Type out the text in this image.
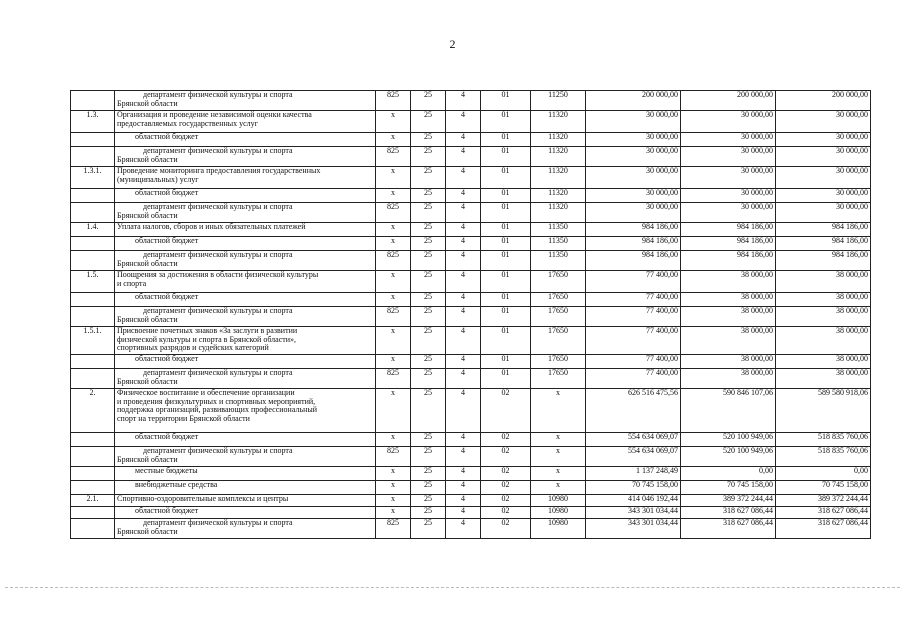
2

	департамент физической культуры и спорта
Брянской области	825	25	4	01	11250	200 000,00	200 000,00	200 000,00
1.3.	Организация и проведение независимой оценки качества
предоставляемых государственных услуг	x	25	4	01	11320	30 000,00	30 000,00	30 000,00

	областной бюджет	x	25	4	01	11320	30 000,00	30 000,00	30 000,00

	департамент физической культуры и спорта
Брянской области	825	25	4	01	11320	30 000,00	30 000,00	30 000,00
1.3.1.	Проведение мониторинга предоставления государственных
(муниципальных) услуг	x	25	4	01	11320	30 000,00	30 000,00	30 000,00

	областной бюджет	x	25	4	01	11320	30 000,00	30 000,00	30 000,00

	департамент физической культуры и спорта
Брянской области	825	25	4	01	11320	30 000,00	30 000,00	30 000,00
1.4.	Уплата налогов, сборов и иных обязательных платежей	x	25	4	01	11350	984 186,00	984 186,00	984 186,00

	областной бюджет	x	25	4	01	11350	984 186,00	984 186,00	984 186,00

	департамент физической культуры и спорта
Брянской области	825	25	4	01	11350	984 186,00	984 186,00	984 186,00
1.5.	Поощрения за достижения в области физической культуры
и спорта	x	25	4	01	17650	77 400,00	38 000,00	38 000,00

	областной бюджет	x	25	4	01	17650	77 400,00	38 000,00	38 000,00

	департамент физической культуры и спорта
Брянской области	825	25	4	01	17650	77 400,00	38 000,00	38 000,00
1.5.1.	Присвоение почетных знаков «За заслуги в развитии
физической культуры и спорта в Брянской области»,
спортивных разрядов и судейских категорий	x	25	4	01	17650	77 400,00	38 000,00	38 000,00

	областной бюджет	x	25	4	01	17650	77 400,00	38 000,00	38 000,00

	департамент физической культуры и спорта
Брянской области	825	25	4	01	17650	77 400,00	38 000,00	38 000,00
2.	Физическое воспитание и обеспечение организации
и проведения физкультурных и спортивных мероприятий,
поддержка организаций, развивающих профессиональный
спорт на территории Брянской области	x	25	4	02	x	626 516 475,56	590 846 107,06	589 580 918,06

	областной бюджет	x	25	4	02	x	554 634 069,07	520 100 949,06	518 835 760,06

	департамент физической культуры и спорта
Брянской области	825	25	4	02	x	554 634 069,07	520 100 949,06	518 835 760,06

	местные бюджеты	x	25	4	02	x	1 137 248,49	0,00	0,00

	внебюджетные средства	x	25	4	02	x	70 745 158,00	70 745 158,00	70 745 158,00
2.1.	Спортивно-оздоровительные комплексы и центры	x	25	4	02	10980	414 046 192,44	389 372 244,44	389 372 244,44

	областной бюджет	x	25	4	02	10980	343 301 034,44	318 627 086,44	318 627 086,44

	департамент физической культуры и спорта
Брянской области	825	25	4	02	10980	343 301 034,44	318 627 086,44	318 627 086,44
